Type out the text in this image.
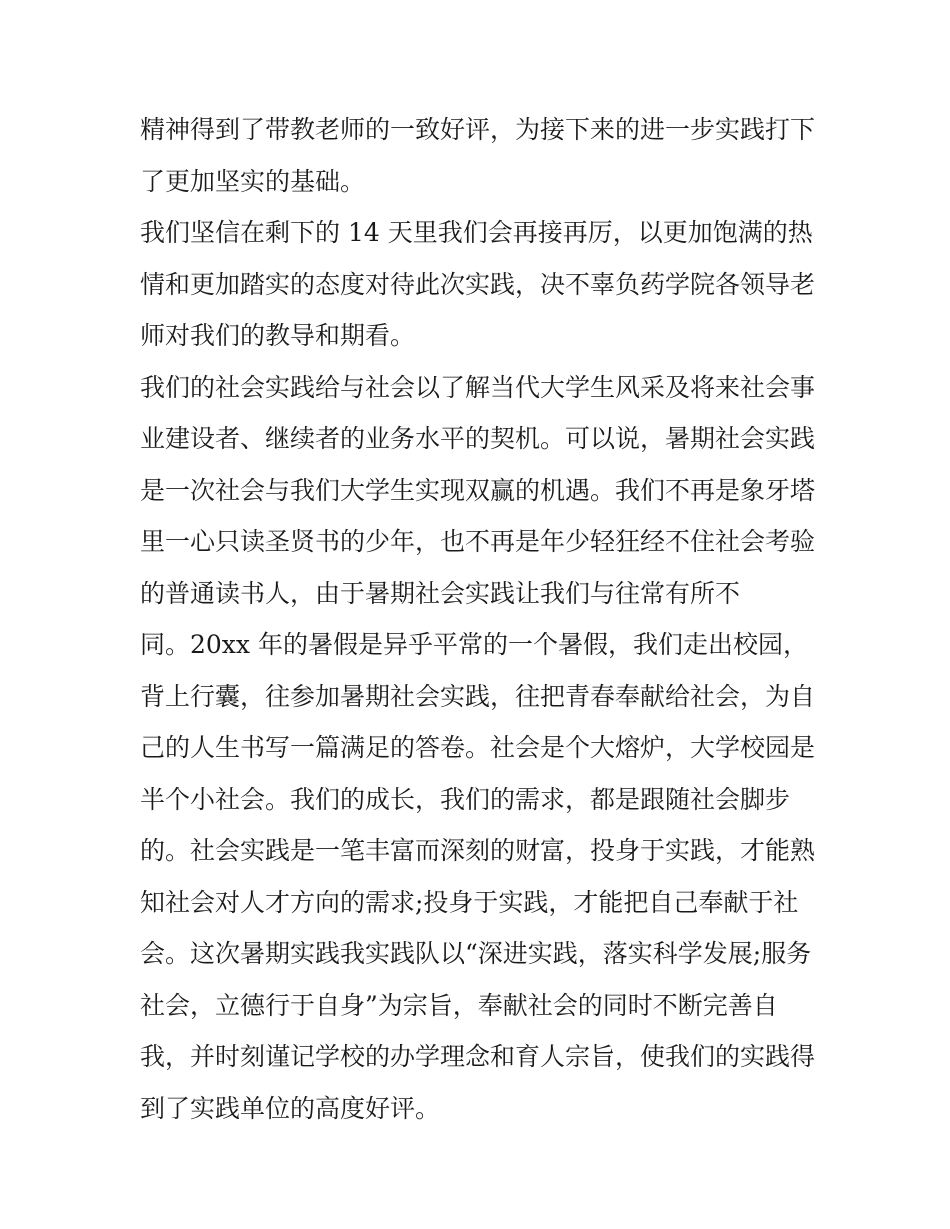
精神得到了带教老师的一致好评，为接下来的进一步实践打下
了更加坚实的基础。
我们坚信在剩下的 14 天里我们会再接再厉，以更加饱满的热
情和更加踏实的态度对待此次实践，决不辜负药学院各领导老
师对我们的教导和期看。
我们的社会实践给与社会以了解当代大学生风采及将来社会事
业建设者、继续者的业务水平的契机。可以说，暑期社会实践
是一次社会与我们大学生实现双赢的机遇。我们不再是象牙塔
里一心只读圣贤书的少年，也不再是年少轻狂经不住社会考验
的普通读书人，由于暑期社会实践让我们与往常有所不
同。20xx 年的暑假是异乎平常的一个暑假，我们走出校园，
背上行囊，往参加暑期社会实践，往把青春奉献给社会，为自
己的人生书写一篇满足的答卷。社会是个大熔炉，大学校园是
半个小社会。我们的成长，我们的需求，都是跟随社会脚步
的。社会实践是一笔丰富而深刻的财富，投身于实践，才能熟
知社会对人才方向的需求;投身于实践，才能把自己奉献于社
会。这次暑期实践我实践队以“深进实践，落实科学发展;服务
社会，立德行于自身”为宗旨，奉献社会的同时不断完善自
我，并时刻谨记学校的办学理念和育人宗旨，使我们的实践得
到了实践单位的高度好评。
